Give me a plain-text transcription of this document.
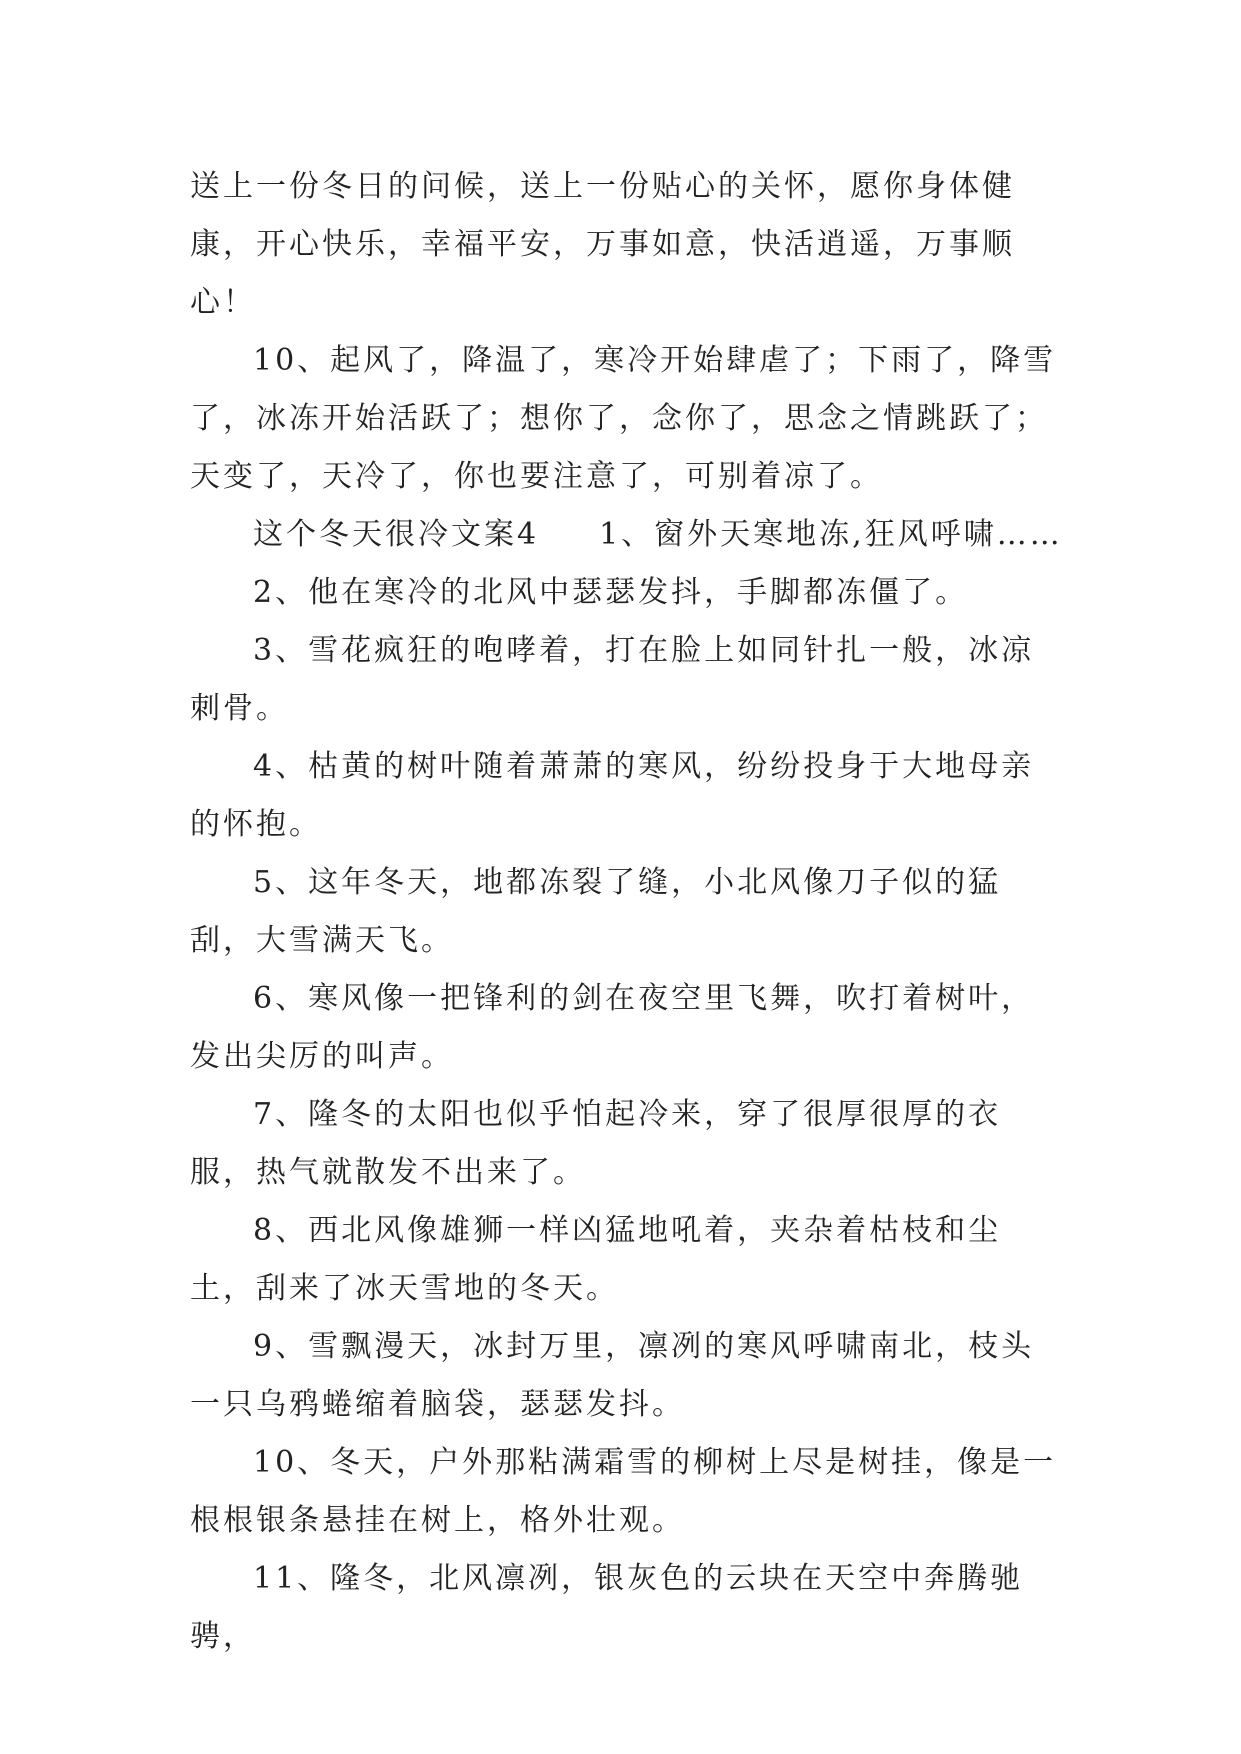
送上一份冬日的问候，送上一份贴心的关怀，愿你身体健康，开心快乐，幸福平安，万事如意，快活逍遥，万事顺心！

10、起风了，降温了，寒冷开始肆虐了；下雨了，降雪了，冰冻开始活跃了；想你了，念你了，思念之情跳跃了；天变了，天冷了，你也要注意了，可别着凉了。

这个冬天很冷文案4 1、窗外天寒地冻,狂风呼啸……

2、他在寒冷的北风中瑟瑟发抖，手脚都冻僵了。

3、雪花疯狂的咆哮着，打在脸上如同针扎一般，冰凉刺骨。

4、枯黄的树叶随着萧萧的寒风，纷纷投身于大地母亲的怀抱。

5、这年冬天，地都冻裂了缝，小北风像刀子似的猛刮，大雪满天飞。

6、寒风像一把锋利的剑在夜空里飞舞，吹打着树叶，发出尖厉的叫声。

7、隆冬的太阳也似乎怕起冷来，穿了很厚很厚的衣服，热气就散发不出来了。

8、西北风像雄狮一样凶猛地吼着，夹杂着枯枝和尘土，刮来了冰天雪地的冬天。

9、雪飘漫天，冰封万里，凛冽的寒风呼啸南北，枝头一只乌鸦蜷缩着脑袋，瑟瑟发抖。

10、冬天，户外那粘满霜雪的柳树上尽是树挂，像是一根根银条悬挂在树上，格外壮观。

11、隆冬，北风凛冽，银灰色的云块在天空中奔腾驰骋，
